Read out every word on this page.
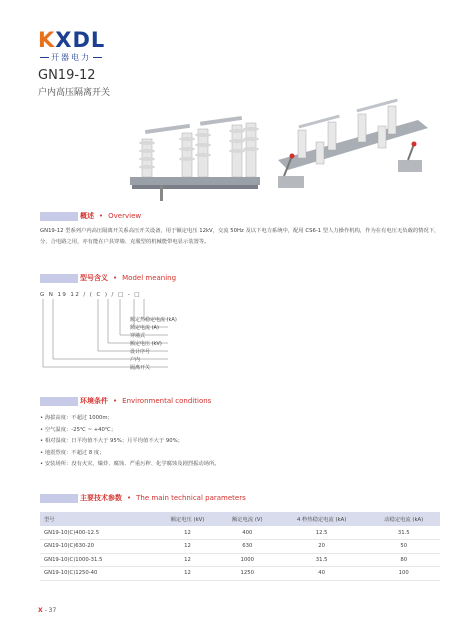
KXDL
开器电力
GN19-12
户内高压隔离开关
概述 • Overview
GN19-12 型系列户内高压隔离开关系高压开关设备，用于额定电压 12kV，交流 50Hz 及以下电力系统中，配用 CS6-1 型人力操作机构，作为在有电压无负载的情况下，分、合电路之用，亦有能在户县穿墙、克服型的机械能带电显示装置等。
型号含义 • Model meaning
G N 19 12 / ( C ) / □ - □
额定热稳定电流 (kA)
额定电流 (A)
穿墙式
额定电压 (kV)
设计序号
户内
隔离开关
环境条件 • Environmental conditions
• 海拔高度：不超过 1000m；
• 空气温度：-25℃ ~ +40℃；
• 相对湿度：日平均值不大于 95%；月平均值不大于 90%；
• 地震烈度：不超过 8 度；
• 安装场所：没有火灾、爆炸、腐蚀、严重污秽、化学腐蚀及剧烈振动场所。
主要技术参数 • The main technical parameters
型号	额定电压 (kV)	额定电流 (V)	4 秒热稳定电流 (kA)	动稳定电流 (kA)
GN19-10(C)400-12.5	12	400	12.5	31.5
GN19-10(C)630-20	12	630	20	50
GN19-10(C)1000-31.5	12	1000	31.5	80
GN19-10(C)1250-40	12	1250	40	100
X - 37
